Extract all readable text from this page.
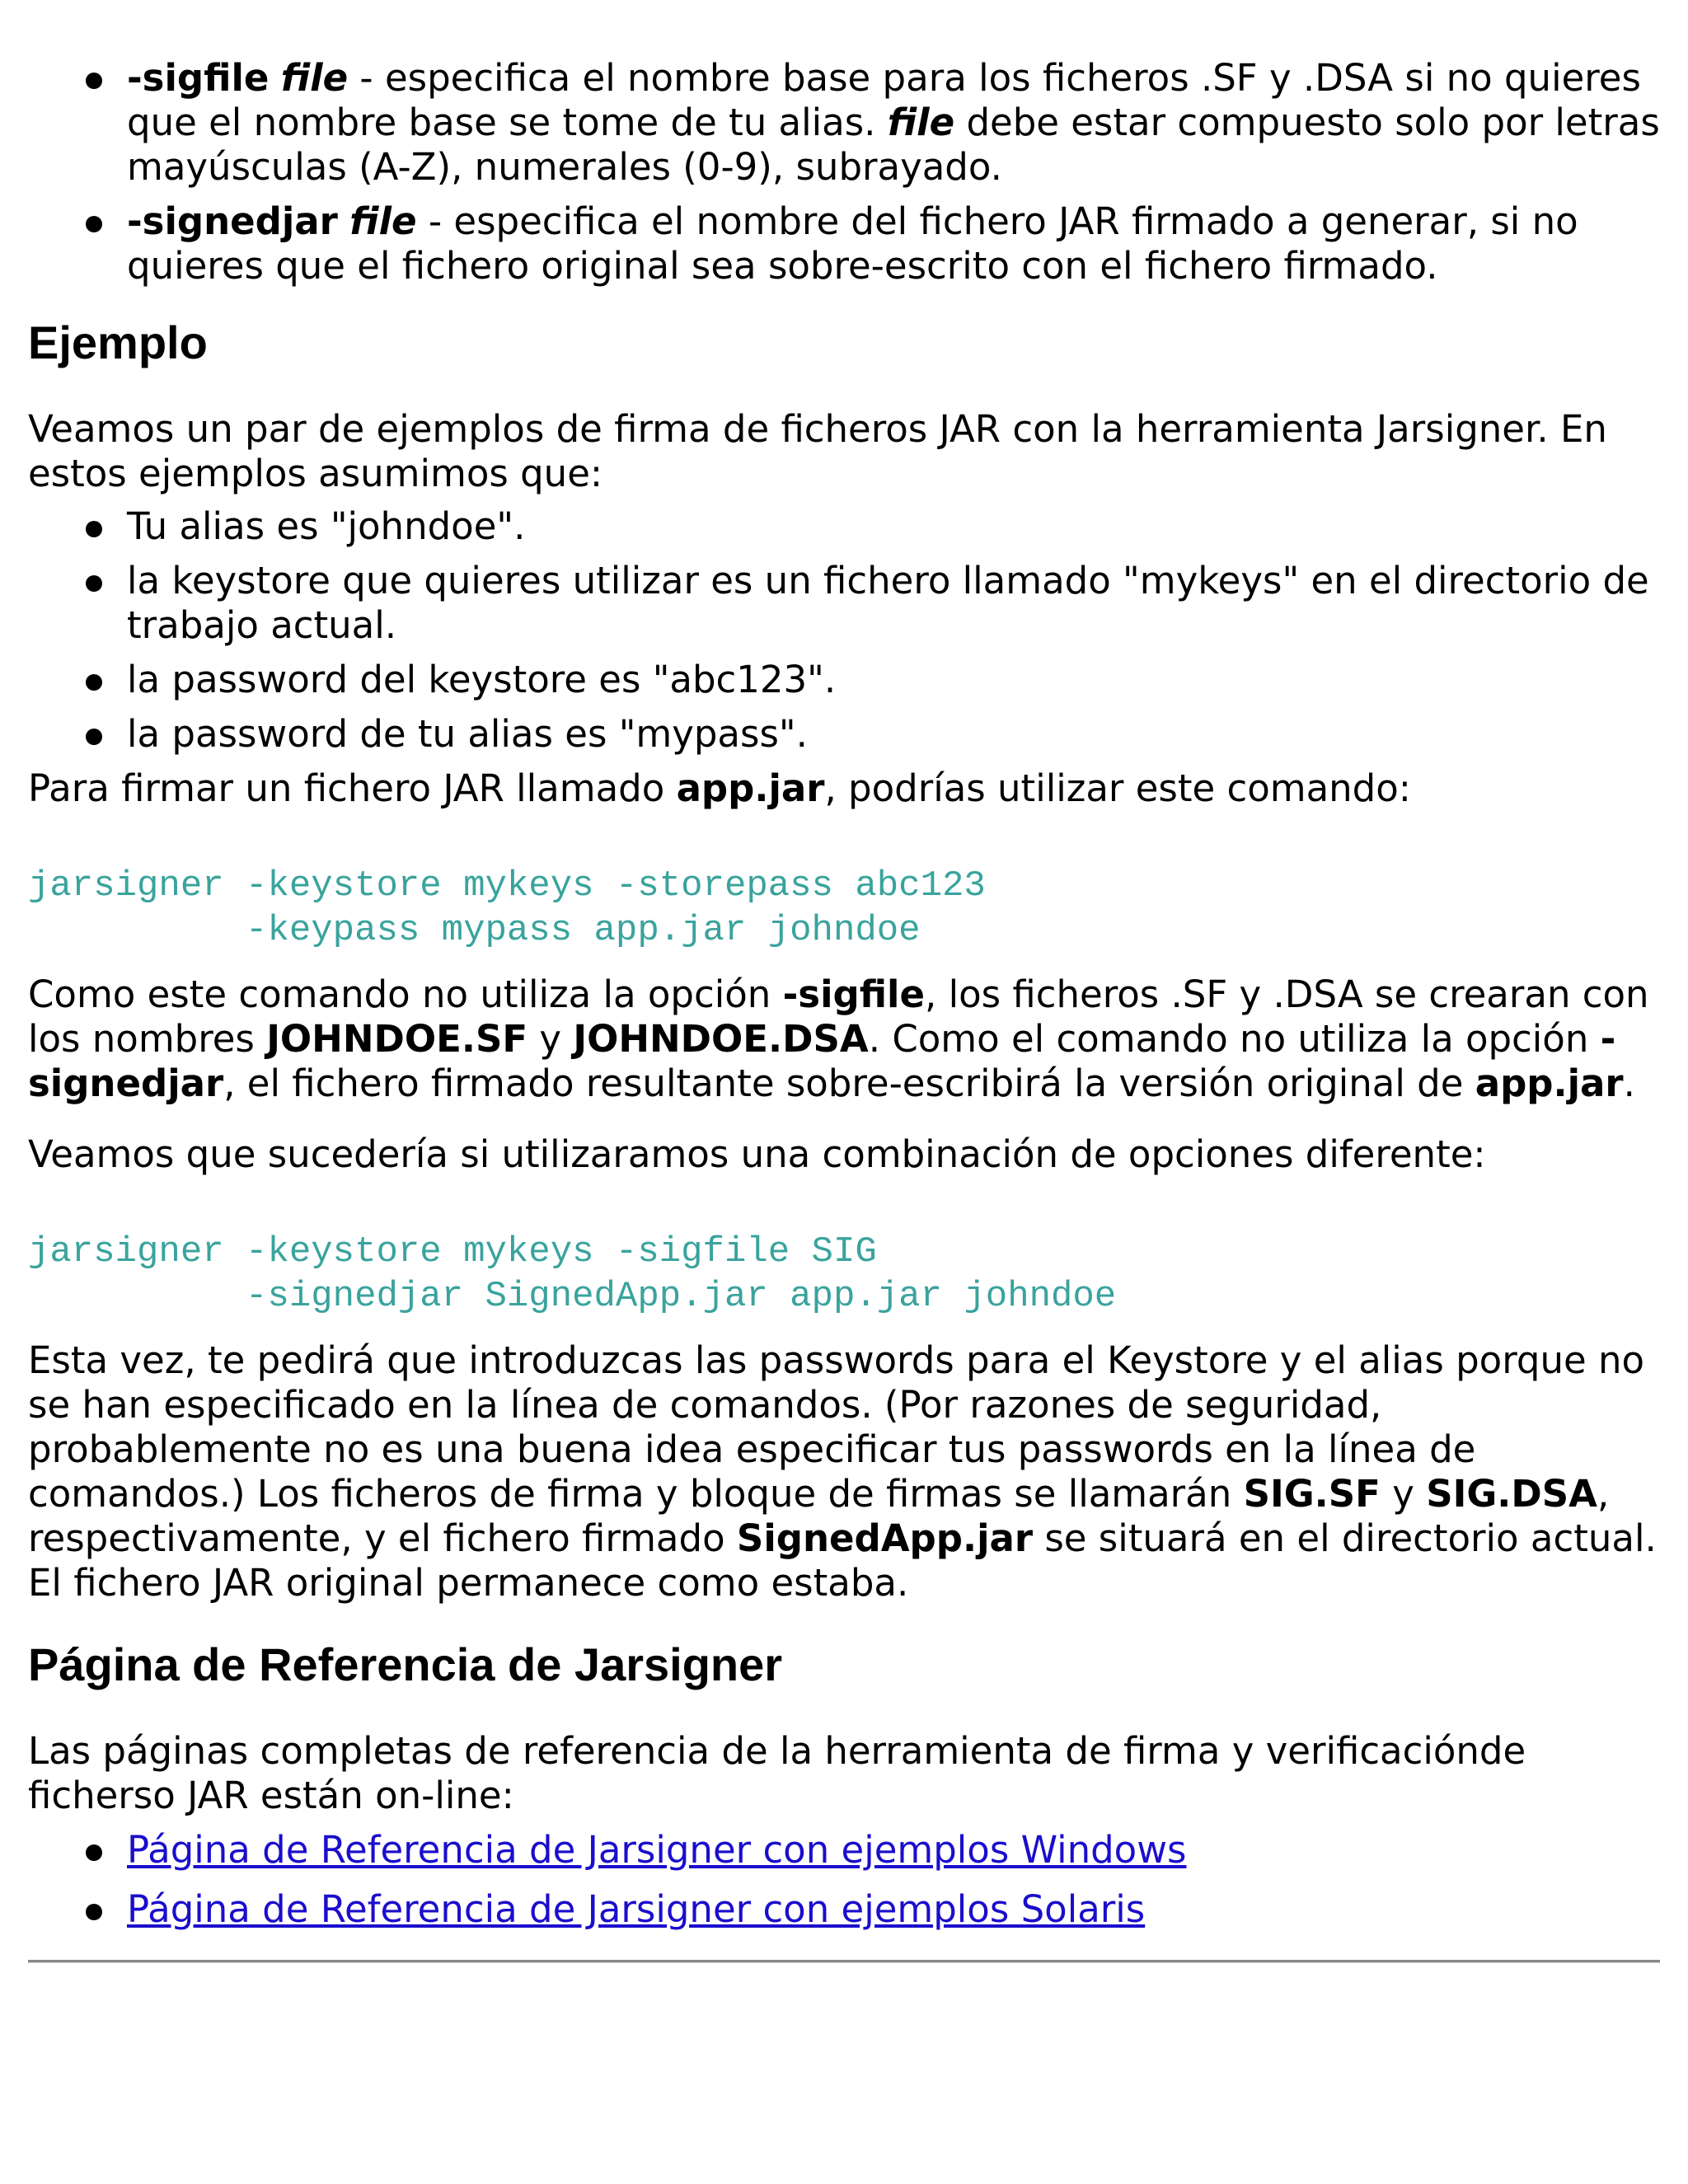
-sigfile file - especifica el nombre base para los ficheros .SF y .DSA si no quieres que el nombre base se tome de tu alias. file debe estar compuesto solo por letras mayúsculas (A-Z), numerales (0-9), subrayado.
-signedjar file - especifica el nombre del fichero JAR firmado a generar, si no quieres que el fichero original sea sobre-escrito con el fichero firmado.
Ejemplo

Veamos un par de ejemplos de firma de ficheros JAR con la herramienta Jarsigner. En estos ejemplos asumimos que:

Tu alias es "johndoe".
la keystore que quieres utilizar es un fichero llamado "mykeys" en el directorio de trabajo actual.
la password del keystore es "abc123".
la password de tu alias es "mypass".

Para firmar un fichero JAR llamado app.jar, podrías utilizar este comando:

jarsigner -keystore mykeys -storepass abc123
-keypass mypass app.jar johndoe

Como este comando no utiliza la opción -sigfile, los ficheros .SF y .DSA se crearan con los nombres JOHNDOE.SF y JOHNDOE.DSA. Como el comando no utiliza la opción -signedjar, el fichero firmado resultante sobre-escribirá la versión original de app.jar.

Veamos que sucedería si utilizaramos una combinación de opciones diferente:

jarsigner -keystore mykeys -sigfile SIG
-signedjar SignedApp.jar app.jar johndoe

Esta vez, te pedirá que introduzcas las passwords para el Keystore y el alias porque no se han especificado en la línea de comandos. (Por razones de seguridad, probablemente no es una buena idea especificar tus passwords en la línea de comandos.) Los ficheros de firma y bloque de firmas se llamarán SIG.SF y SIG.DSA, respectivamente, y el fichero firmado SignedApp.jar se situará en el directorio actual. El fichero JAR original permanece como estaba.

Página de Referencia de Jarsigner

Las páginas completas de referencia de la herramienta de firma y verificaciónde ficherso JAR están on-line:

Página de Referencia de Jarsigner con ejemplos Windows
Página de Referencia de Jarsigner con ejemplos Solaris
